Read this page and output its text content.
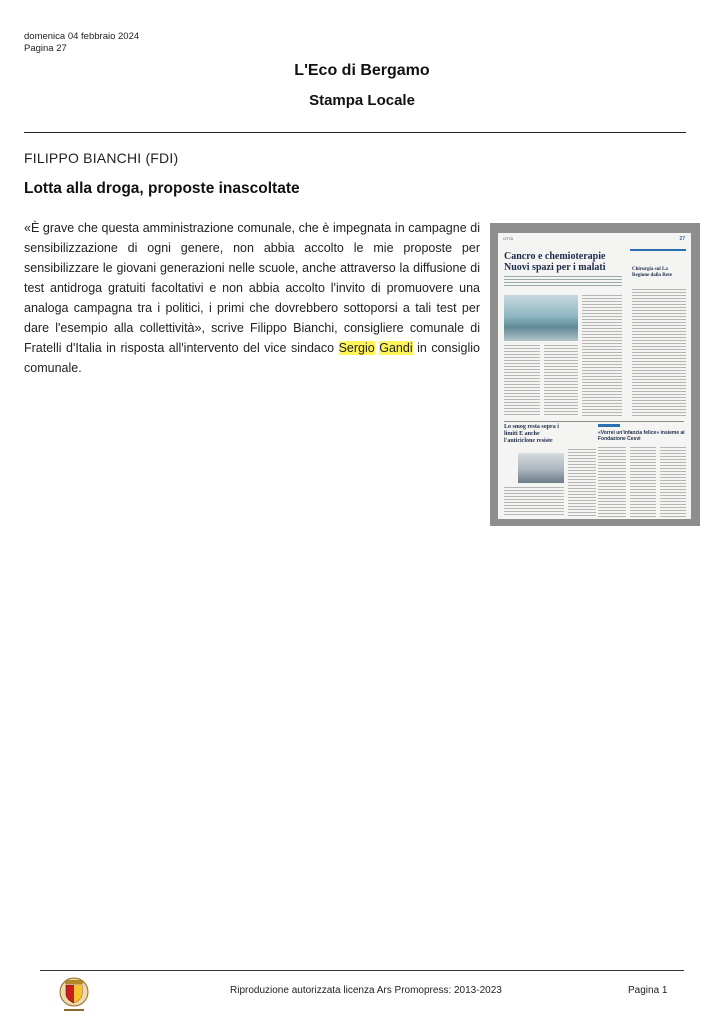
domenica 04 febbraio 2024
Pagina 27
L'Eco di Bergamo
Stampa Locale
FILIPPO BIANCHI (FDI)
Lotta alla droga, proposte inascoltate

«È grave che questa amministrazione comunale, che è impegnata in campagne di sensibilizzazione di ogni genere, non abbia accolto le mie proposte per sensibilizzare le giovani generazioni nelle scuole, anche attraverso la diffusione di test antidroga gratuiti facoltativi e non abbia accolto l'invito di promuovere una analoga campagna tra i politici, i primi che dovrebbero sottoporsi a tali test per dare l'esempio alla collettività», scrive Filippo Bianchi, consigliere comunale di Fratelli d'Italia in risposta all'intervento del vice sindaco Sergio Gandi in consiglio comunale.

CITTÀ	27
Cancro e chemioterapie Nuovi spazi per i malati	Chirurgia sul La Regione dalla Rete
Lo smog resta sopra i limiti E anche l'anticiclone resiste
«Vorrei un'infanzia felice» insieme ai Fondazione Cesvi
Riproduzione autorizzata licenza Ars Promopress: 2013-2023	Pagina 1
